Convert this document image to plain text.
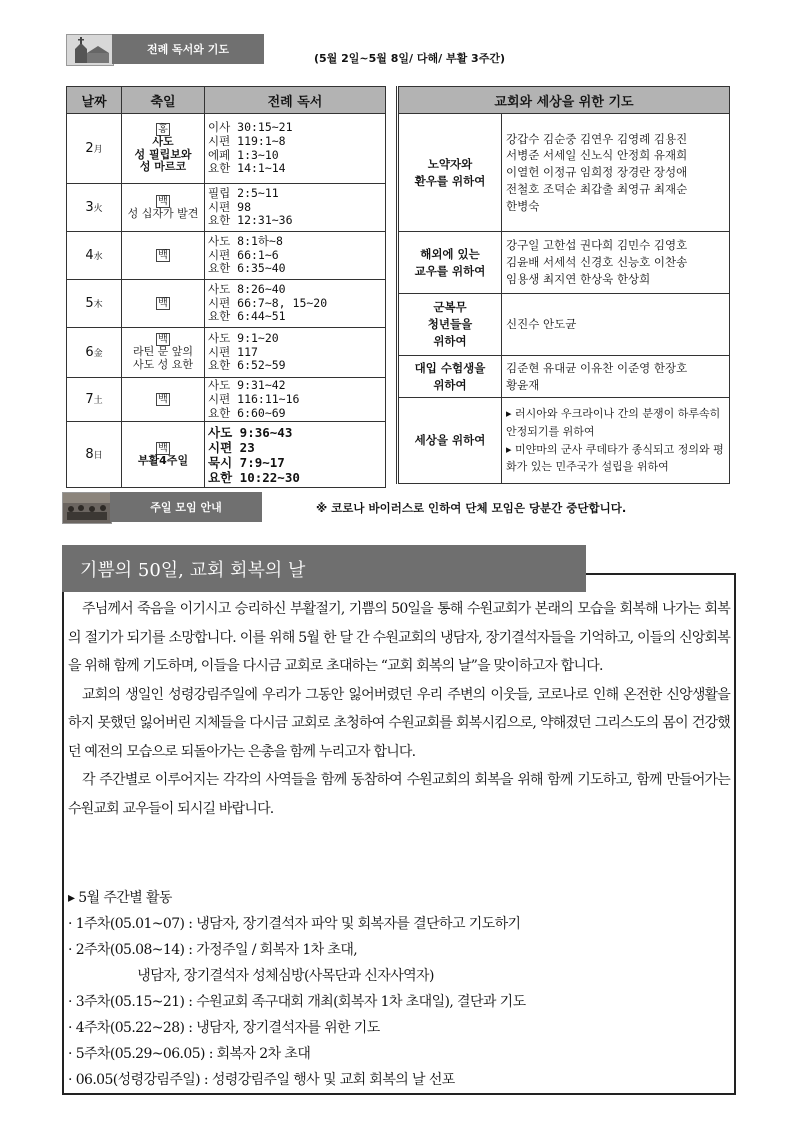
전례 독서와 기도
(5월 2일~5월 8일/ 다해/ 부활 3주간)
날짜	축일	전례 독서
2月	홍
사도
성 필립보와
성 마르코	이사 30:15~21
시편 119:1~8
에페 1:3~10
요한 14:1~14
3火	백
성 십자가 발견	필립 2:5~11
시편 98
요한 12:31~36
4水	백	사도 8:1하~8
시편 66:1~6
요한 6:35~40
5木	백	사도 8:26~40
시편 66:7~8, 15~20
요한 6:44~51
6金	백
라틴 문 앞의
사도 성 요한	사도 9:1~20
시편 117
요한 6:52~59
7土	백	사도 9:31~42
시편 116:11~16
요한 6:60~69
8日	백
부활4주일	사도 9:36~43
시편 23
묵시 7:9~17
요한 10:22~30
교회와 세상을 위한 기도	
노약자와
환우를 위하여	강갑수 김순중 김연우 김영례 김용진
서병준 서세일 신노식 안정희 유재희
이열헌 이정규 임희정 장경란 장성애
전철호 조덕순 최갑출 최영규 최재순
한병숙
해외에 있는
교우를 위하여	강구일 고한섭 권다희 김민수 김영호
김윤배 서세석 신경호 신능호 이찬송
임용생 최지연 한상욱 한상희
군복무
청년들을
위하여	신진수 안도균
대입 수험생을
위하여	김준현 유대균 이유찬 이준영 한장호
황윤재
세상을 위하여	▸ 러시아와 우크라이나 간의 분쟁이 하루속히 안정되기를 위하여
▸ 미얀마의 군사 쿠데타가 종식되고 정의와 평화가 있는 민주국가 설립을 위하여
주일 모임 안내	※ 코로나 바이러스로 인하여 단체 모임은 당분간 중단합니다.
기쁨의 50일, 교회 회복의 날

주님께서 죽음을 이기시고 승리하신 부활절기, 기쁨의 50일을 통해 수원교회가 본래의 모습을 회복해 나가는 회복의 절기가 되기를 소망합니다. 이를 위해 5월 한 달 간 수원교회의 냉담자, 장기결석자들을 기억하고, 이들의 신앙회복을 위해 함께 기도하며, 이들을 다시금 교회로 초대하는 “교회 회복의 날”을 맞이하고자 합니다.

교회의 생일인 성령강림주일에 우리가 그동안 잃어버렸던 우리 주변의 이웃들, 코로나로 인해 온전한 신앙생활을 하지 못했던 잃어버린 지체들을 다시금 교회로 초청하여 수원교회를 회복시킴으로, 약해졌던 그리스도의 몸이 건강했던 예전의 모습으로 되돌아가는 은총을 함께 누리고자 합니다.

각 주간별로 이루어지는 각각의 사역들을 함께 동참하여 수원교회의 회복을 위해 함께 기도하고, 함께 만들어가는 수원교회 교우들이 되시길 바랍니다.

▸ 5월 주간별 활동
· 1주차(05.01~07) : 냉담자, 장기결석자 파악 및 회복자를 결단하고 기도하기
· 2주차(05.08~14) : 가정주일 / 회복자 1차 초대,
냉담자, 장기결석자 성체심방(사목단과 신자사역자)
· 3주차(05.15~21) : 수원교회 족구대회 개최(회복자 1차 초대일), 결단과 기도
· 4주차(05.22~28) : 냉담자, 장기결석자를 위한 기도
· 5주차(05.29~06.05) : 회복자 2차 초대
· 06.05(성령강림주일) : 성령강림주일 행사 및 교회 회복의 날 선포
